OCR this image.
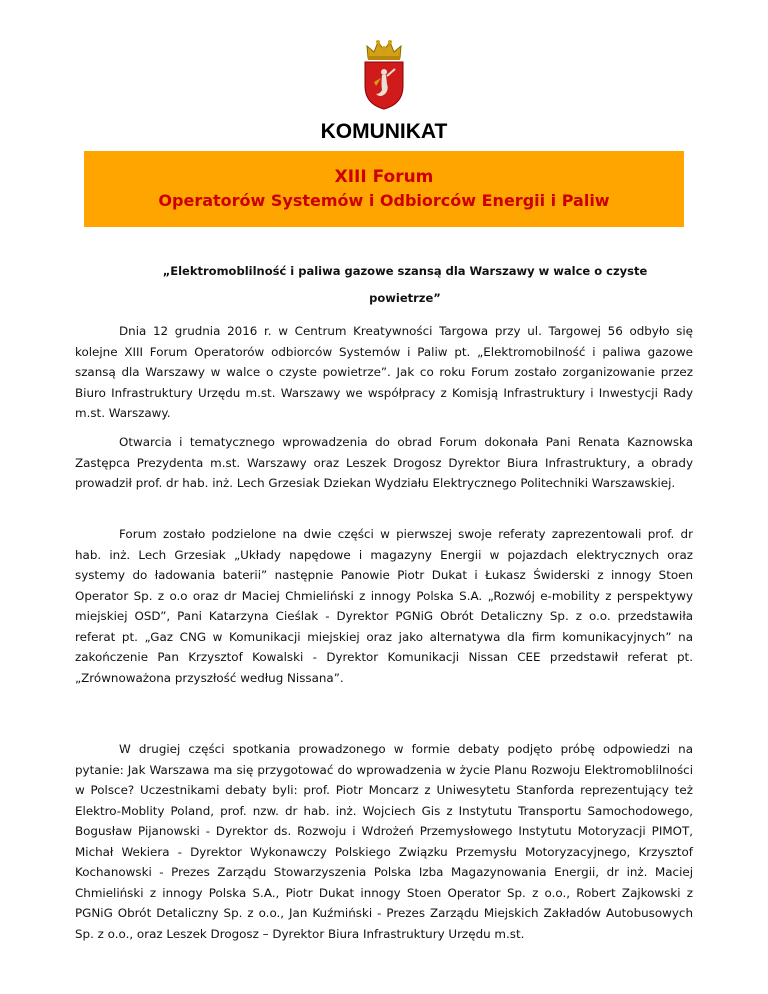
KOMUNIKAT
XIII Forum
Operatorów Systemów i Odbiorców Energii i Paliw
„Elektromoblilność i paliwa gazowe szansą dla Warszawy w walce o czyste powietrze”

Dnia 12 grudnia 2016 r. w Centrum Kreatywności Targowa przy ul. Targowej 56 odbyło się kolejne XIII Forum Operatorów odbiorców Systemów i Paliw pt. „Elektromobilność i paliwa gazowe szansą dla Warszawy w walce o czyste powietrze”. Jak co roku Forum zostało zorganizowanie przez Biuro Infrastruktury Urzędu m.st. Warszawy we współpracy z Komisją Infrastruktury i Inwestycji Rady m.st. Warszawy.

Otwarcia i tematycznego wprowadzenia do obrad Forum dokonała Pani Renata Kaznowska Zastępca Prezydenta m.st. Warszawy oraz Leszek Drogosz Dyrektor Biura Infrastruktury, a obrady prowadził prof. dr hab. inż. Lech Grzesiak Dziekan Wydziału Elektrycznego Politechniki Warszawskiej.

Forum zostało podzielone na dwie części w pierwszej swoje referaty zaprezentowali prof. dr hab. inż. Lech Grzesiak „Układy napędowe i magazyny Energii w pojazdach elektrycznych oraz systemy do ładowania baterii” następnie Panowie Piotr Dukat i Łukasz Świderski z innogy Stoen Operator Sp. z o.o oraz dr Maciej Chmieliński z innogy Polska S.A. „Rozwój e-mobility z perspektywy miejskiej OSD”, Pani Katarzyna Cieślak - Dyrektor PGNiG Obrót Detaliczny Sp. z o.o. przedstawiła referat pt. „Gaz CNG w Komunikacji miejskiej oraz jako alternatywa dla firm komunikacyjnych” na zakończenie Pan Krzysztof Kowalski - Dyrektor Komunikacji Nissan CEE przedstawił referat pt. „Zrównoważona przyszłość według Nissana”.

W drugiej części spotkania prowadzonego w formie debaty podjęto próbę odpowiedzi na pytanie: Jak Warszawa ma się przygotować do wprowadzenia w życie Planu Rozwoju Elektromoblilności w Polsce? Uczestnikami debaty byli: prof. Piotr Moncarz z Uniwesytetu Stanforda reprezentujący też Elektro-Moblity Poland, prof. nzw. dr hab. inż. Wojciech Gis z Instytutu Transportu Samochodowego, Bogusław Pijanowski - Dyrektor ds. Rozwoju i Wdrożeń Przemysłowego Instytutu Motoryzacji PIMOT, Michał Wekiera - Dyrektor Wykonawczy Polskiego Związku Przemysłu Motoryzacyjnego, Krzysztof Kochanowski - Prezes Zarządu Stowarzyszenia Polska Izba Magazynowania Energii, dr inż. Maciej Chmieliński z innogy Polska S.A., Piotr Dukat innogy Stoen Operator Sp. z o.o., Robert Zajkowski z PGNiG Obrót Detaliczny Sp. z o.o., Jan Kuźmiński - Prezes Zarządu Miejskich Zakładów Autobusowych Sp. z o.o., oraz Leszek Drogosz – Dyrektor Biura Infrastruktury Urzędu m.st.
